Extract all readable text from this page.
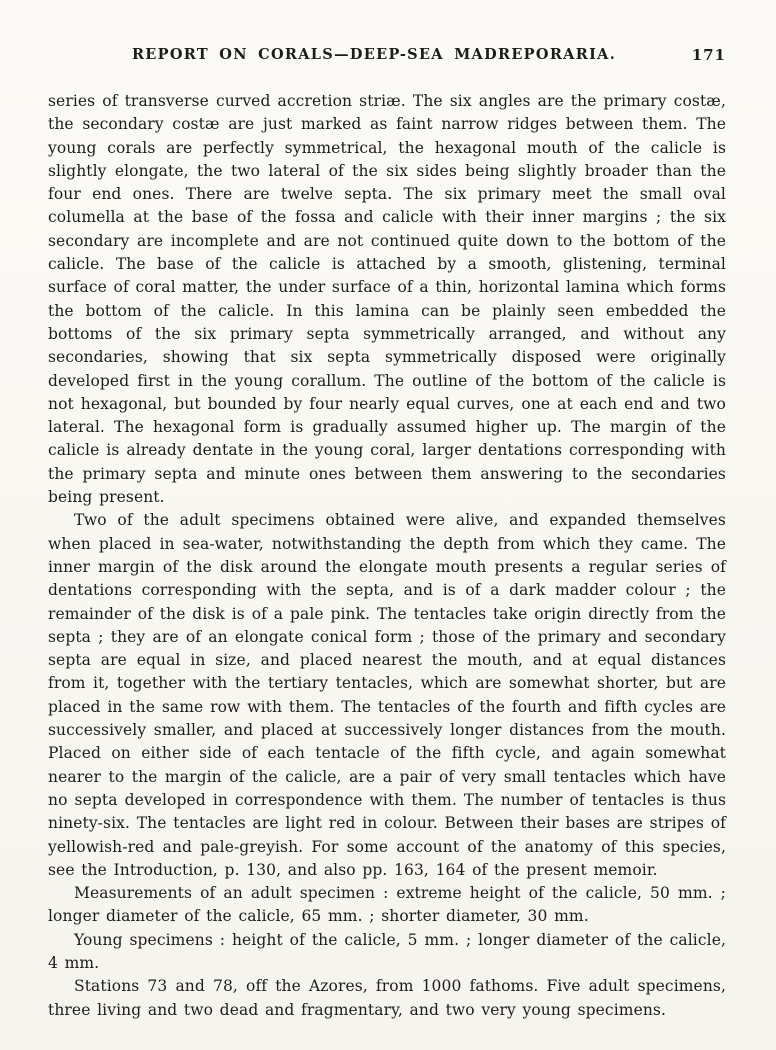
REPORT ON CORALS—DEEP-SEA MADREPORARIA.	171

series of transverse curved accretion striæ. The six angles are the primary costæ, the secondary costæ are just marked as faint narrow ridges between them. The young corals are perfectly symmetrical, the hexagonal mouth of the calicle is slightly elongate, the two lateral of the six sides being slightly broader than the four end ones. There are twelve septa. The six primary meet the small oval columella at the base of the fossa and calicle with their inner margins ; the six secondary are incomplete and are not continued quite down to the bottom of the calicle. The base of the calicle is attached by a smooth, glistening, terminal surface of coral matter, the under surface of a thin, horizontal lamina which forms the bottom of the calicle. In this lamina can be plainly seen embedded the bottoms of the six primary septa symmetrically arranged, and without any secondaries, showing that six septa symmetrically disposed were originally developed first in the young corallum. The outline of the bottom of the calicle is not hexagonal, but bounded by four nearly equal curves, one at each end and two lateral. The hexagonal form is gradually assumed higher up. The margin of the calicle is already dentate in the young coral, larger dentations corresponding with the primary septa and minute ones between them answering to the secondaries being present.

Two of the adult specimens obtained were alive, and expanded themselves when placed in sea-water, notwithstanding the depth from which they came. The inner margin of the disk around the elongate mouth presents a regular series of dentations corresponding with the septa, and is of a dark madder colour ; the remainder of the disk is of a pale pink. The tentacles take origin directly from the septa ; they are of an elongate conical form ; those of the primary and secondary septa are equal in size, and placed nearest the mouth, and at equal distances from it, together with the tertiary tentacles, which are somewhat shorter, but are placed in the same row with them. The tentacles of the fourth and fifth cycles are successively smaller, and placed at successively longer distances from the mouth. Placed on either side of each tentacle of the fifth cycle, and again somewhat nearer to the margin of the calicle, are a pair of very small tentacles which have no septa developed in correspondence with them. The number of tentacles is thus ninety-six. The tentacles are light red in colour. Between their bases are stripes of yellowish-red and pale-greyish. For some account of the anatomy of this species, see the Introduction, p. 130, and also pp. 163, 164 of the present memoir.

Measurements of an adult specimen : extreme height of the calicle, 50 mm. ; longer diameter of the calicle, 65 mm. ; shorter diameter, 30 mm.

Young specimens : height of the calicle, 5 mm. ; longer diameter of the calicle, 4 mm.

Stations 73 and 78, off the Azores, from 1000 fathoms. Five adult specimens, three living and two dead and fragmentary, and two very young specimens.
